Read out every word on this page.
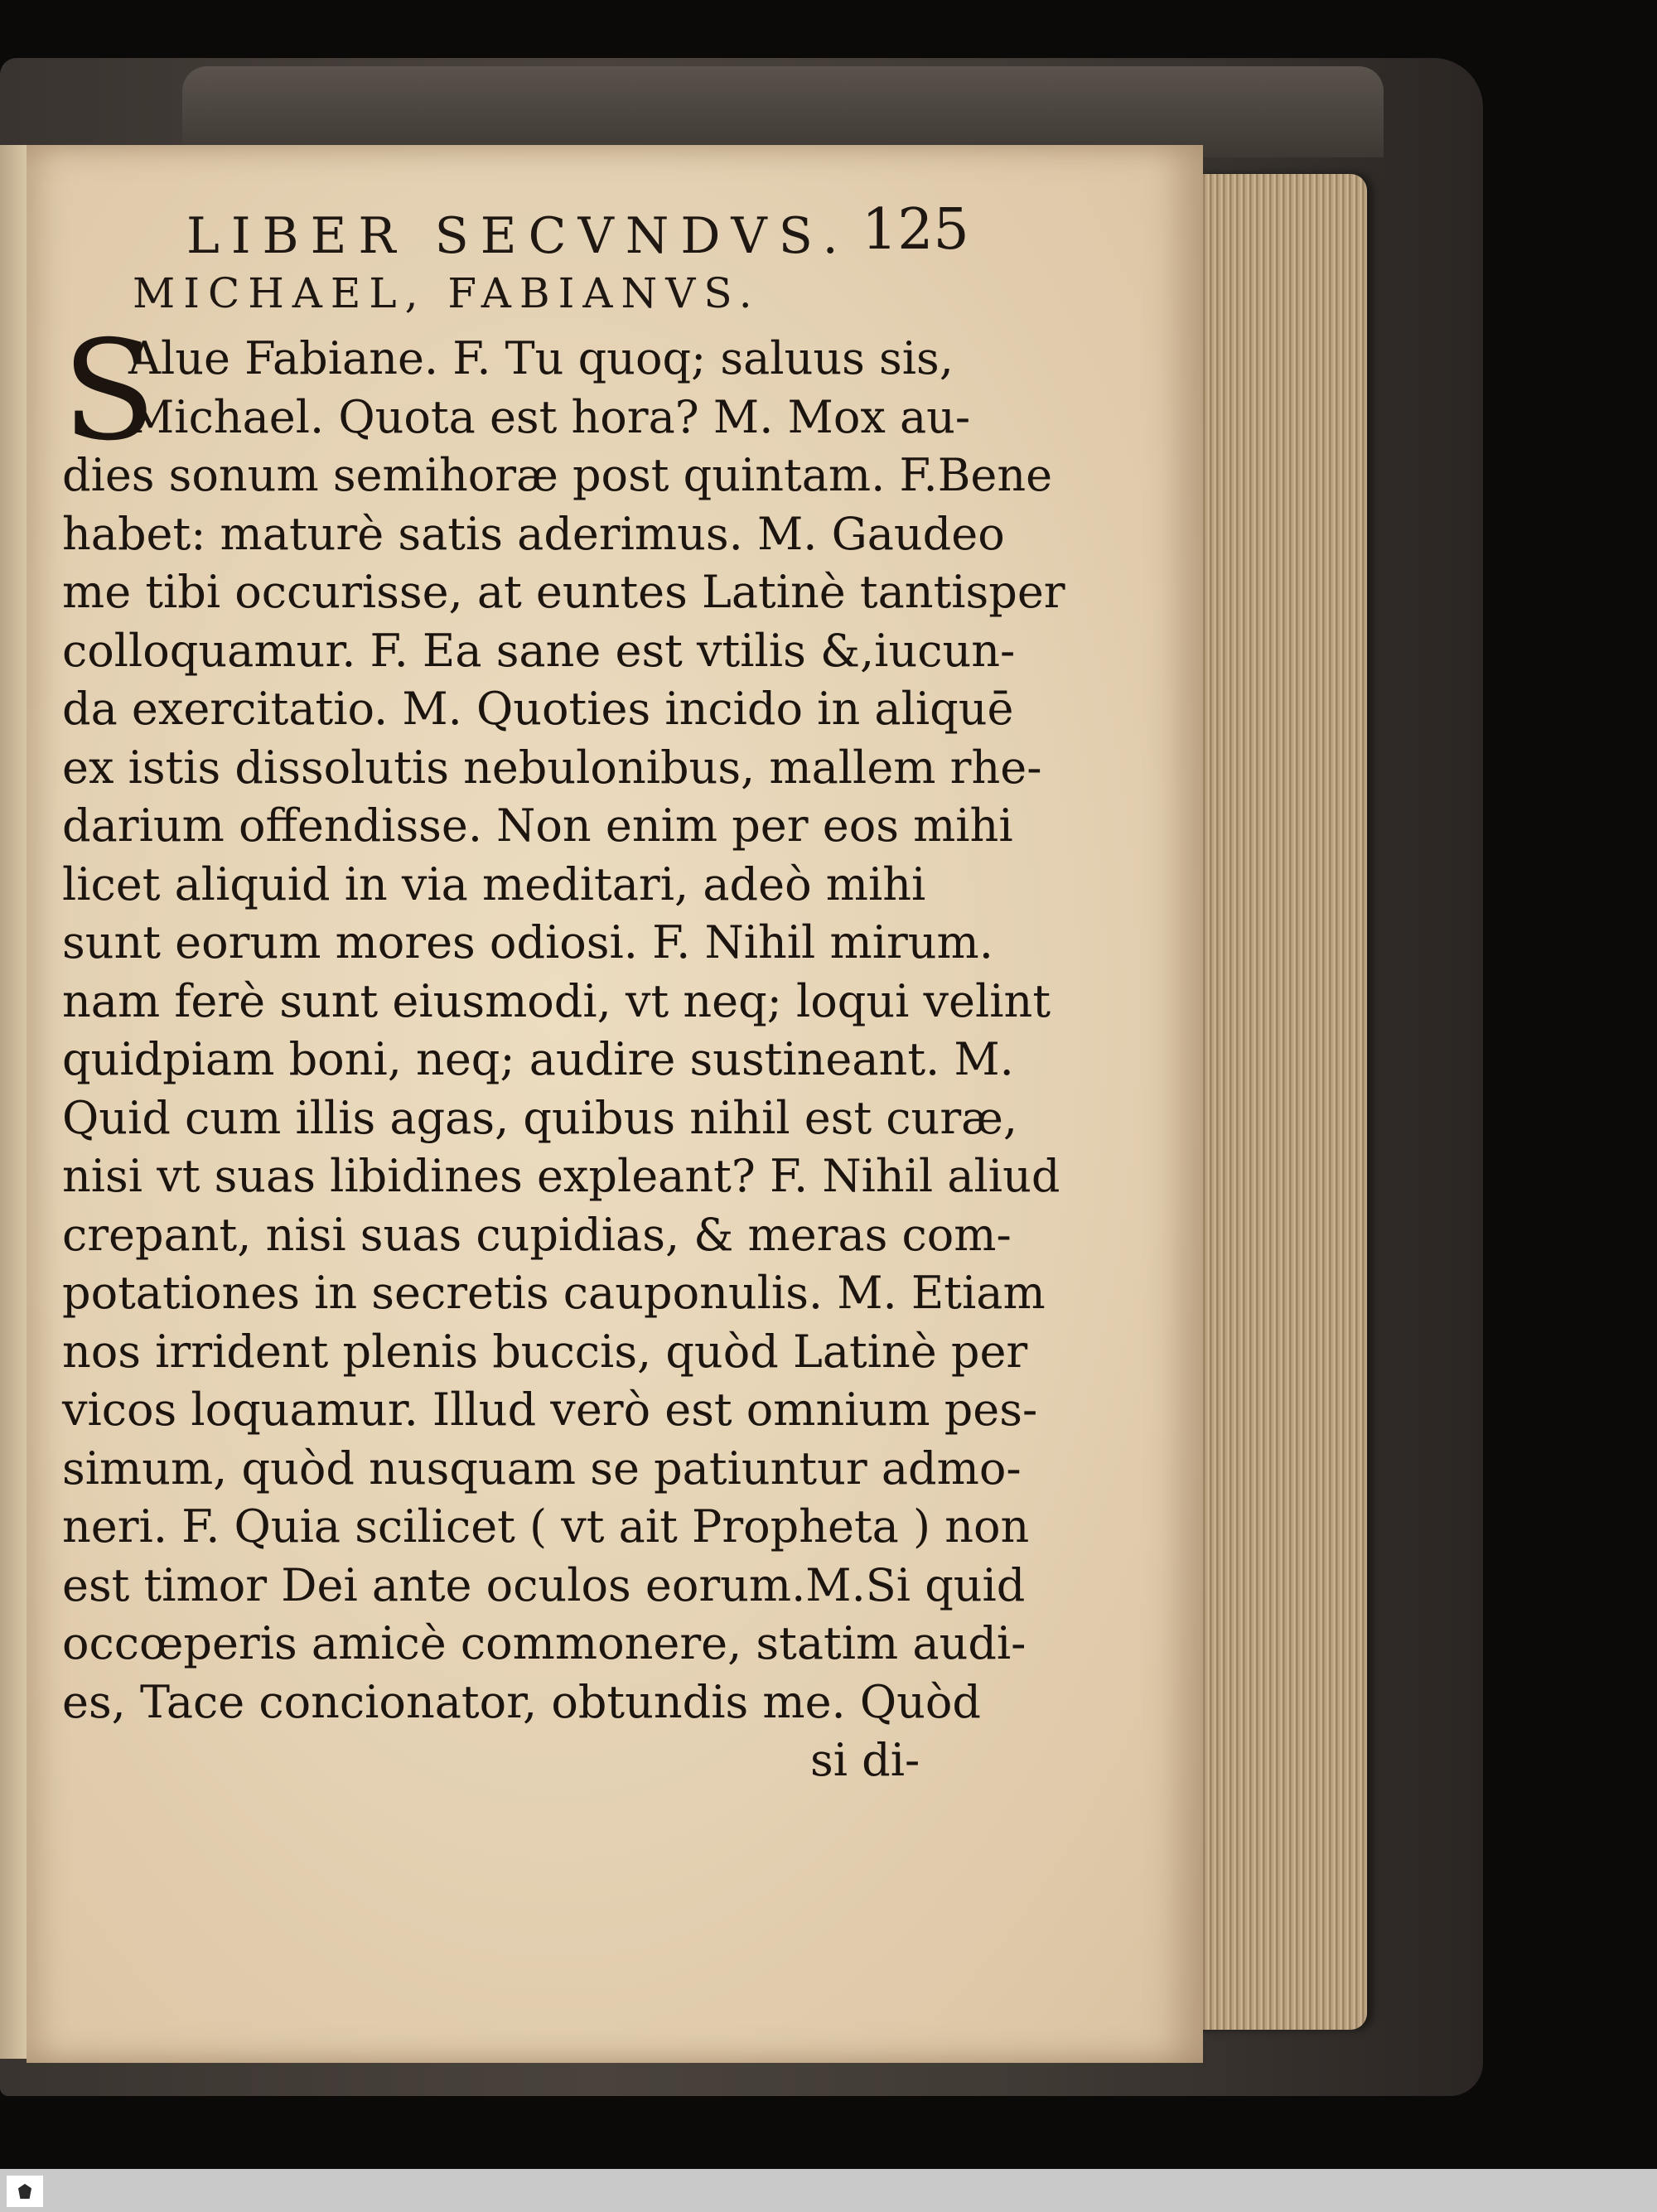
LIBER SECVNDVS. 125
MICHAEL, FABIANVS.
S
Alue Fabiane. F. Tu quoq; saluus sis,
Michael. Quota est hora? M. Mox au-
dies sonum semihoræ post quintam. F.Bene
habet: maturè satis aderimus. M. Gaudeo
me tibi occurisse, at euntes Latinè tantisper
colloquamur. F. Ea sane est vtilis &,iucun-
da exercitatio. M. Quoties incido in aliquē
ex istis dissolutis nebulonibus, mallem rhe-
darium offendisse. Non enim per eos mihi
licet aliquid in via meditari, adeò mihi
sunt eorum mores odiosi. F. Nihil mirum.
nam ferè sunt eiusmodi, vt neq; loqui velint
quidpiam boni, neq; audire sustineant. M.
Quid cum illis agas, quibus nihil est curæ,
nisi vt suas libidines expleant? F. Nihil aliud
crepant, nisi suas cupidias, & meras com-
potationes in secretis cauponulis. M. Etiam
nos irrident plenis buccis, quòd Latinè per
vicos loquamur. Illud verò est omnium pes-
simum, quòd nusquam se patiuntur admo-
neri. F. Quia scilicet ( vt ait Propheta ) non
est timor Dei ante oculos eorum.M.Si quid
occœperis amicè commonere, statim audi-
es, Tace concionator, obtundis me. Quòd
si di-
